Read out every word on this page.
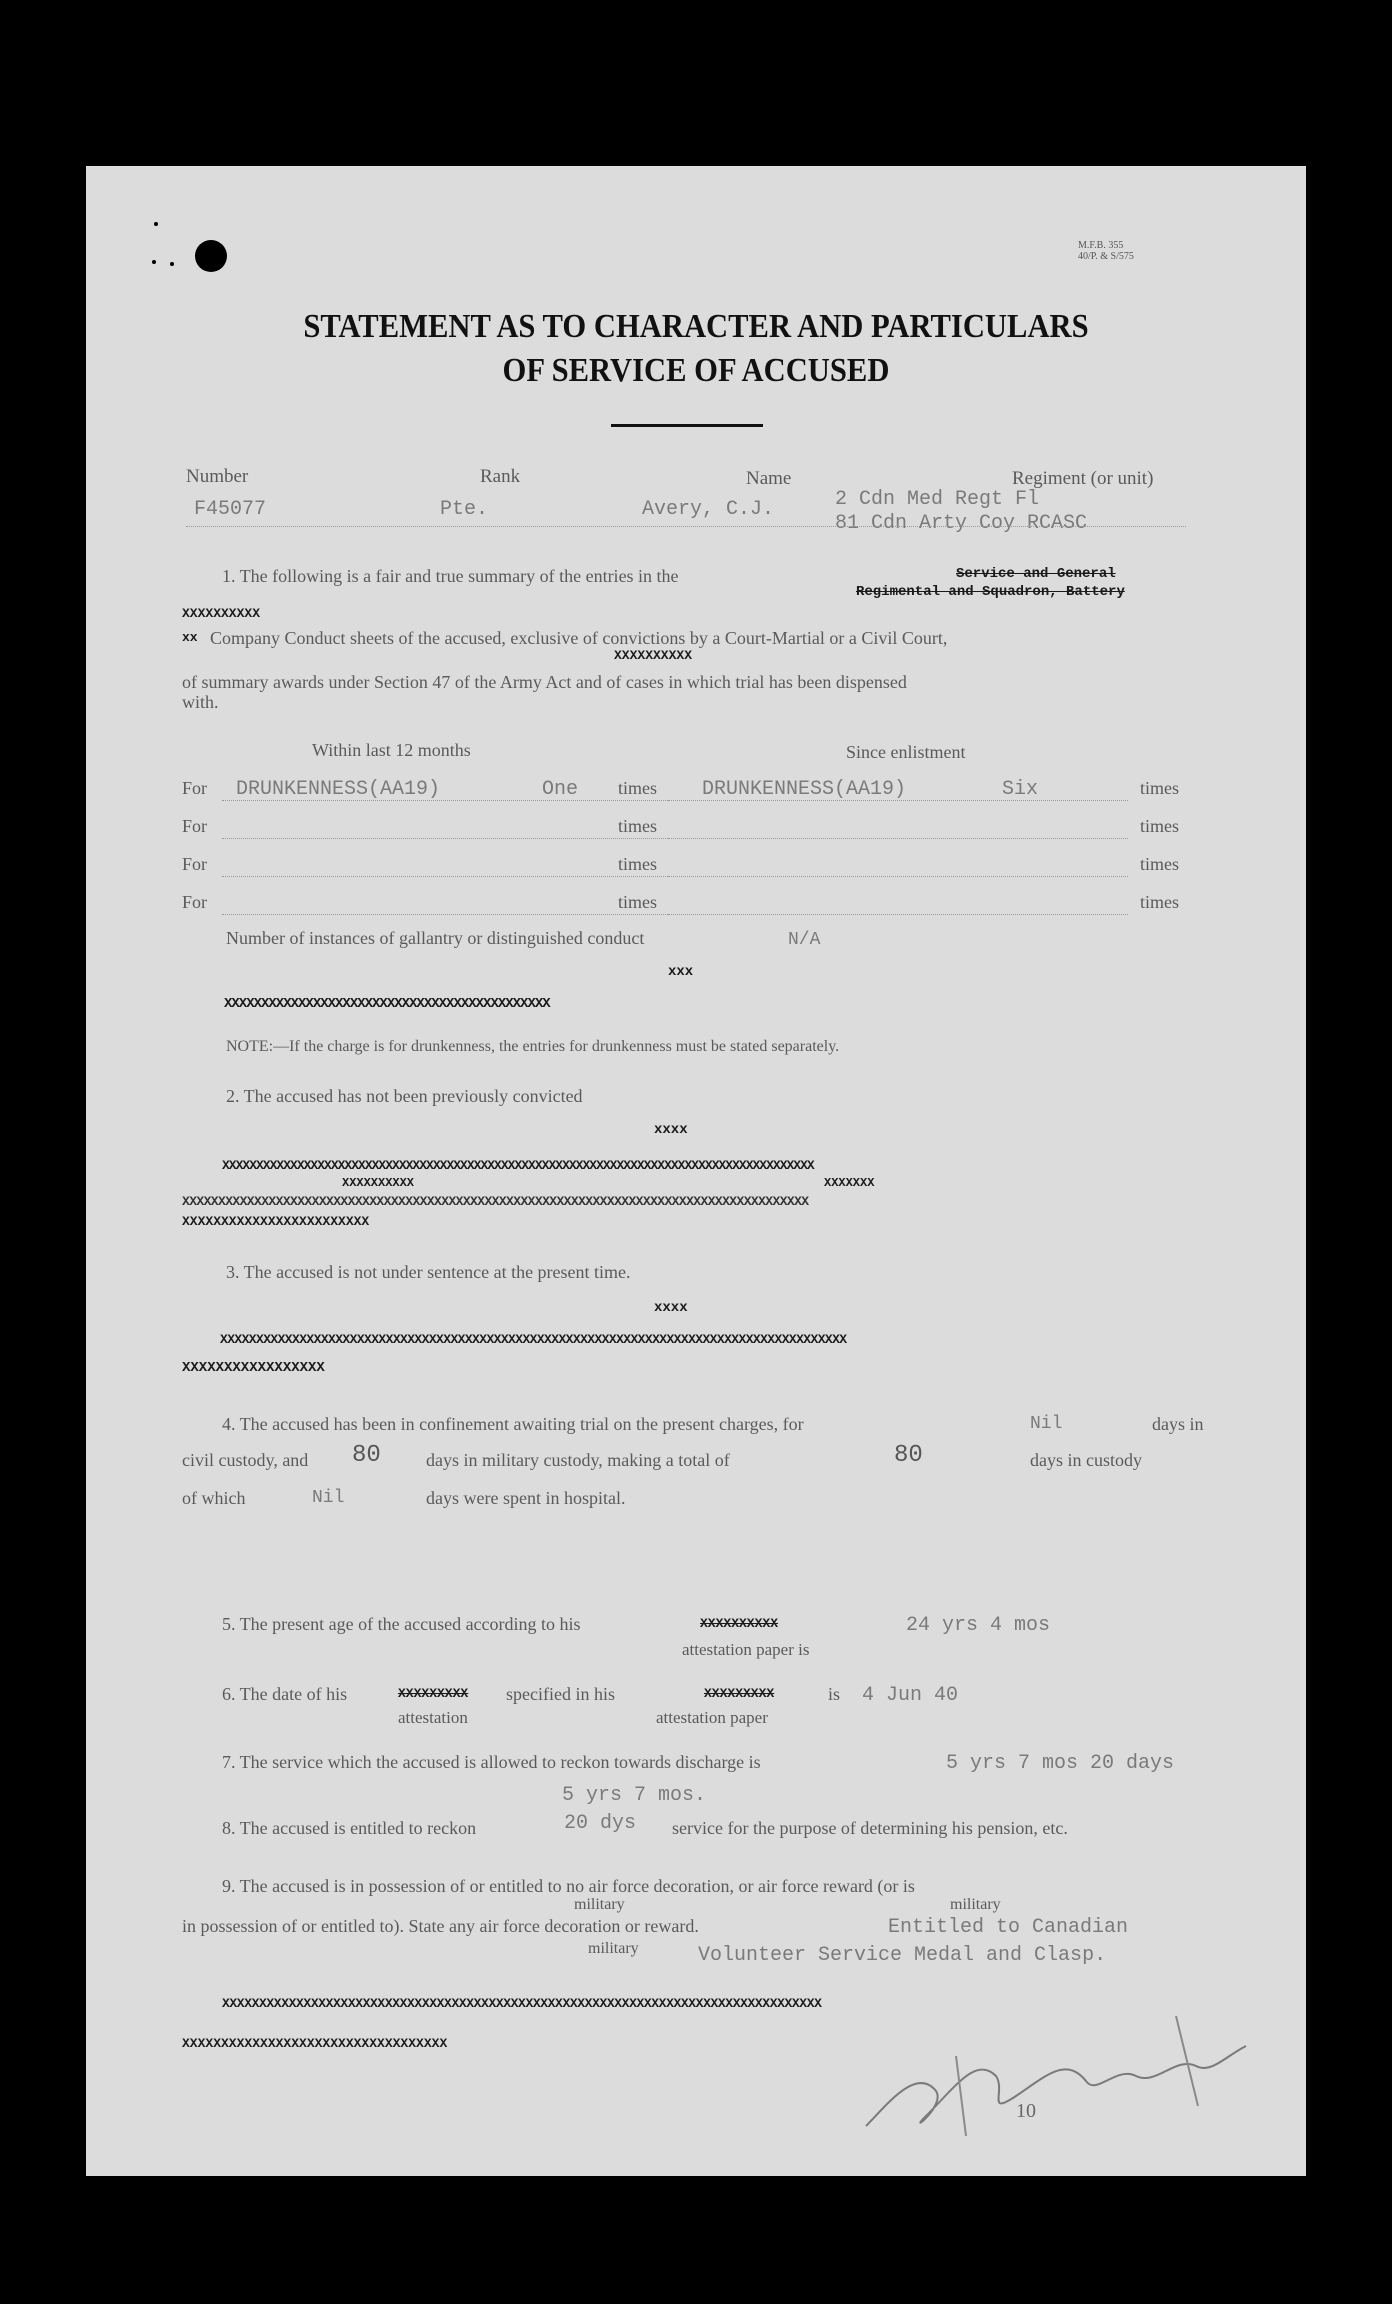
M.F.B. 355
40/P. & S/575
STATEMENT AS TO CHARACTER AND PARTICULARS
OF SERVICE OF ACCUSED
Number	Rank	Name	Regiment (or unit)
F45077	Pte.	Avery, C.J.	2 Cdn Med Regt Fl
81 Cdn Arty Coy RCASC
1. The following is a fair and true summary of the entries in the	Service and General
Regimental and Squadron, Battery
XXXXXXXXXX
xx Company Conduct sheets of the accused, exclusive of convictions by a Court-Martial or a Civil Court,
XXXXXXXXXX
of summary awards under Section 47 of the Army Act and of cases in which trial has been dispensed
with.
Within last 12 months	Since enlistment
For DRUNKENNESS(AA19)	One times DRUNKENNESS(AA19)	Six	times
For	times	times
For	times	times
For	times	times
Number of instances of gallantry or distinguished conduct	N/A
xxx
XXXXXXXXXXXXXXXXXXXXXXXXXXXXXXXXXXXXXXXXXXXX
NOTE:—If the charge is for drunkenness, the entries for drunkenness must be stated separately.
2. The accused has not been previously convicted
xxxx
XXXXXXXXXXXXXXXXXXXXXXXXXXXXXXXXXXXXXXXXXXXXXXXXXXXXXXXXXXXXXXXXXXXXXXXXXXXXXXXXXXXXXXX
XXXXXXXXXX	XXXXXXX
XXXXXXXXXXXXXXXXXXXXXXXXXXXXXXXXXXXXXXXXXXXXXXXXXXXXXXXXXXXXXXXXXXXXXXXXXXXXXXXXXXXXXXX
XXXXXXXXXXXXXXXXXXXXXXXX
3. The accused is not under sentence at the present time.
xxxx
XXXXXXXXXXXXXXXXXXXXXXXXXXXXXXXXXXXXXXXXXXXXXXXXXXXXXXXXXXXXXXXXXXXXXXXXXXXXXXXXXXXXXXX
XXXXXXXXXXXXXXXXX
4. The accused has been in confinement awaiting trial on the present charges, for	Nil	days in
civil custody, and 80	days in military custody, making a total of	80	days in custody
of which	Nil	days were spent in hospital.
5. The present age of the accused according to his	XXXXXXXXXX	24 yrs 4 mos
attestation paper is
6. The date of his	XXXXXXXXX specified in his	XXXXXXXXX	is 4 Jun 40
attestation	attestation paper
7. The service which the accused is allowed to reckon towards discharge is	5 yrs 7 mos 20 days
5 yrs 7 mos.
8. The accused is entitled to reckon	20 dys service for the purpose of determining his pension, etc.
9. The accused is in possession of or entitled to no air force decoration, or air force reward (or is
military	military
in possession of or entitled to). State any air force decoration or reward.	Entitled to Canadian
military	Volunteer Service Medal and Clasp.
XXXXXXXXXXXXXXXXXXXXXXXXXXXXXXXXXXXXXXXXXXXXXXXXXXXXXXXXXXXXXXXXXXXXXXXXXXXXXXXXX
XXXXXXXXXXXXXXXXXXXXXXXXXXXXXXXXXX
10
